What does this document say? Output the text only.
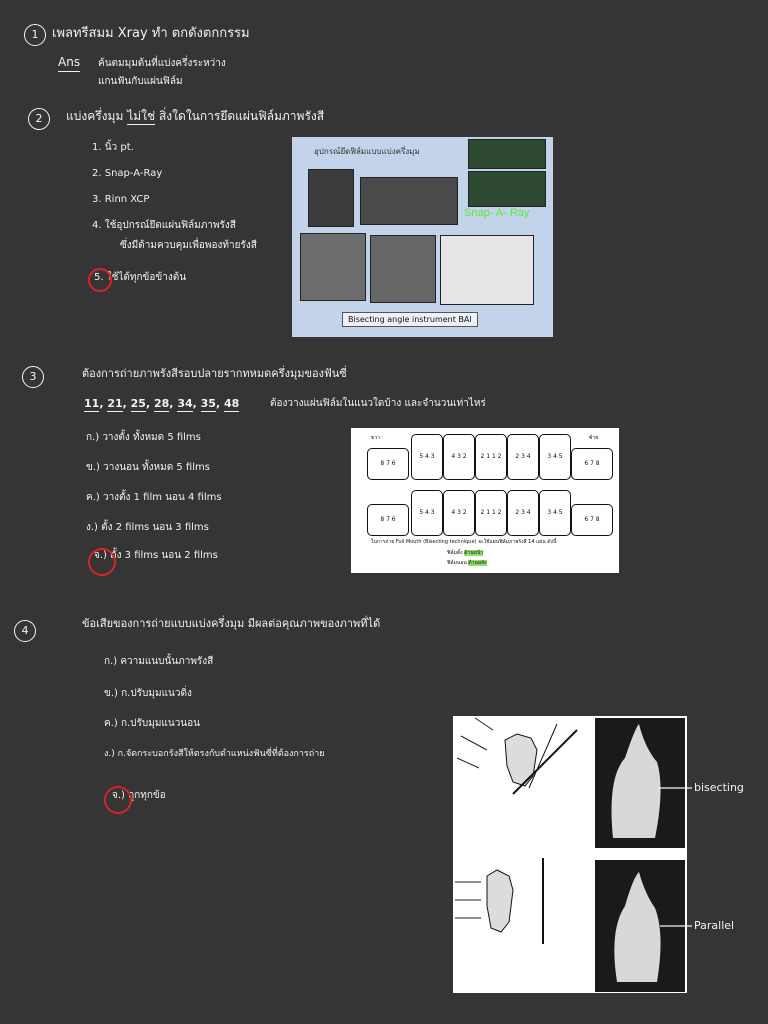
1	เพลทรีสมม Xray ทำ ตกดังตกกรรม
Ans ค้นตมมุมต้นที่แบ่งครึ่งระหว่าง
แกนฟันกับแผ่นฟิล์ม
2	แบ่งครึ่งมุม ไม่ใช่ สิ่งใดในการยึดแผ่นฟิล์มภาพรังสี
1. นิ้ว pt.
2. Snap-A-Ray
3. Rinn XCP
4. ใช้อุปกรณ์ยึดแผ่นฟิล์มภาพรังสี
ซึ่งมีด้ามควบคุมเพื่อพองท้ายรังสี
5. ใช้ได้ทุกข้อข้างต้น
อุปกรณ์ยึดฟิล์มแบบแบ่งครึ่งมุม
Snap- A- Ray
Bisecting angle instrument BAI
3	ต้องการถ่ายภาพรังสีรอบปลายรากทหมดครึ่งมุมของฟันซี่
11, 21, 25, 28, 34, 35, 48	ต้องวางแผ่นฟิล์มในแนวใดบ้าง และจำนวนเท่าไหร่
ก.) วางตั้ง ทั้งหมด 5 films
ข.) วางนอน ทั้งหมด 5 films
ค.) วางตั้ง 1 film นอน 4 films
ง.) ตั้ง 2 films นอน 3 films
จ.) ตั้ง 3 films นอน 2 films
ขวา	ซ้าย
8 7 6
5 4 3	4 3 2	2 1 1 2	2 3 4	3 4 5
6 7 8
8 7 6
5 4 3	4 3 2	2 1 1 2	2 3 4	3 4 5
6 7 8
ในการถ่าย Full Mouth (Bisecting technique) จะใช้แผ่นฟิล์มภาพรังสี 14 แผ่น ดังนี้
ฟิล์มตั้ง ด้านหน้า
ฟิล์มนอน ด้านหลัง
4
ข้อเสียของการถ่ายแบบแบ่งครึ่งมุม มีผลต่อคุณภาพของภาพที่ได้
ก.) ความแนบนั้นภาพรังสี
ข.) ก.ปรับมุมแนวดิ่ง
ค.) ก.ปรับมุมแนวนอน
ง.) ก.จัดกระบอกรังสีให้ตรงกับตำแหน่งฟันซี่ที่ต้องการถ่าย
จ.) ถูกทุกข้อ
bisecting
Parallel
